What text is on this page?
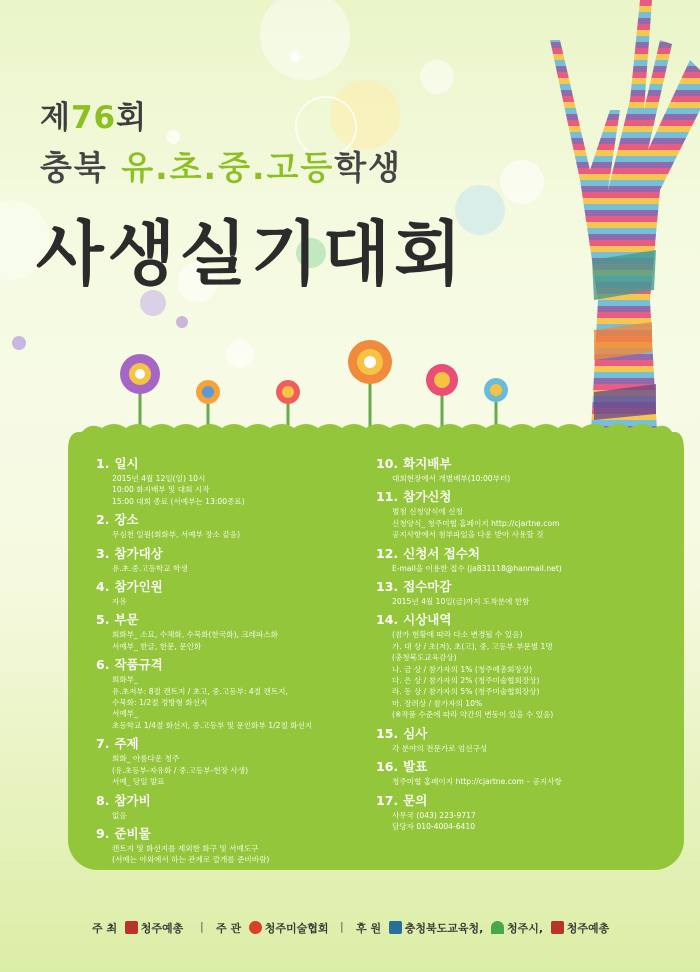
제76회
충북 유.초.중.고등학생
사생실기대회
1. 일시

2015년 4월 12일(일) 10시

10:00 화지배부 및 대회 시작

15:00 대회 종료 (서예부는 13:00종료)

2. 장소

무심천 일원(회화부, 서예부 장소 같음)

3. 참가대상

유.초.중.고등학교 학생

4. 참가인원

자유

5. 부문

회화부_ 소묘, 수채화, 수묵화(한국화), 크레파스화

서예부_ 한글, 한문, 문인화

6. 작품규격

회화부_

유.초저부: 8절 캔트지 / 초고, 중.고등부: 4절 캔트지,

수묵화: 1/2절 정방형 화선지

서예부_

초등학교 1/4절 화선지, 중.고등부 및 문인화부 1/2절 화선지

7. 주제

회화_ 아름다운 청주

(유.초등부-자유화 / 중.고등부-현장 사생)

서예_ 당일 발표

8. 참가비

없음

9. 준비물

캔트지 및 화선지를 제외한 화구 및 서예도구

(서예는 야외에서 하는 관계로 깔개를 준비바람)

10. 화지배부

대회현장에서 개별배부(10:00부터)

11. 참가신청

별첨 신청양식에 신청

신청양식_ 청주미협 홈페이지 http://cjartne.com

공지사항에서 첨부파일을 다운 받아 사용할 것

12. 신청서 접수처

E-mail을 이용한 접수 (ja831118@hanmail.net)

13. 접수마감

2015년 4월 10일(금)까지 도착분에 한함

14. 시상내역

(참가 현황에 따라 다소 변경될 수 있음)

가. 대 상 / 초(저), 초(고), 중, 고등부 부문별 1명

(충청북도교육감상)

나. 금 상 / 참가자의 1% (청주예총회장상)

다. 은 상 / 참가자의 2% (청주미술협회장상)

라. 동 상 / 참가자의 5% (청주미술협회장상)

마. 장려상 / 참가자의 10%

(※작품 수준에 따라 약간의 변동이 있을 수 있음)

15. 심사

각 분야의 전문가로 엄선구성

16. 발표

청주미협 홈페이지 http://cjartne.com – 공지사항

17. 문의

사무국 (043) 223-9717

담당자 010-4004-6410

주 최 청주예총 | 주 관 청주미술협회 | 후 원 충청북도교육청, 청주시, 청주예총
